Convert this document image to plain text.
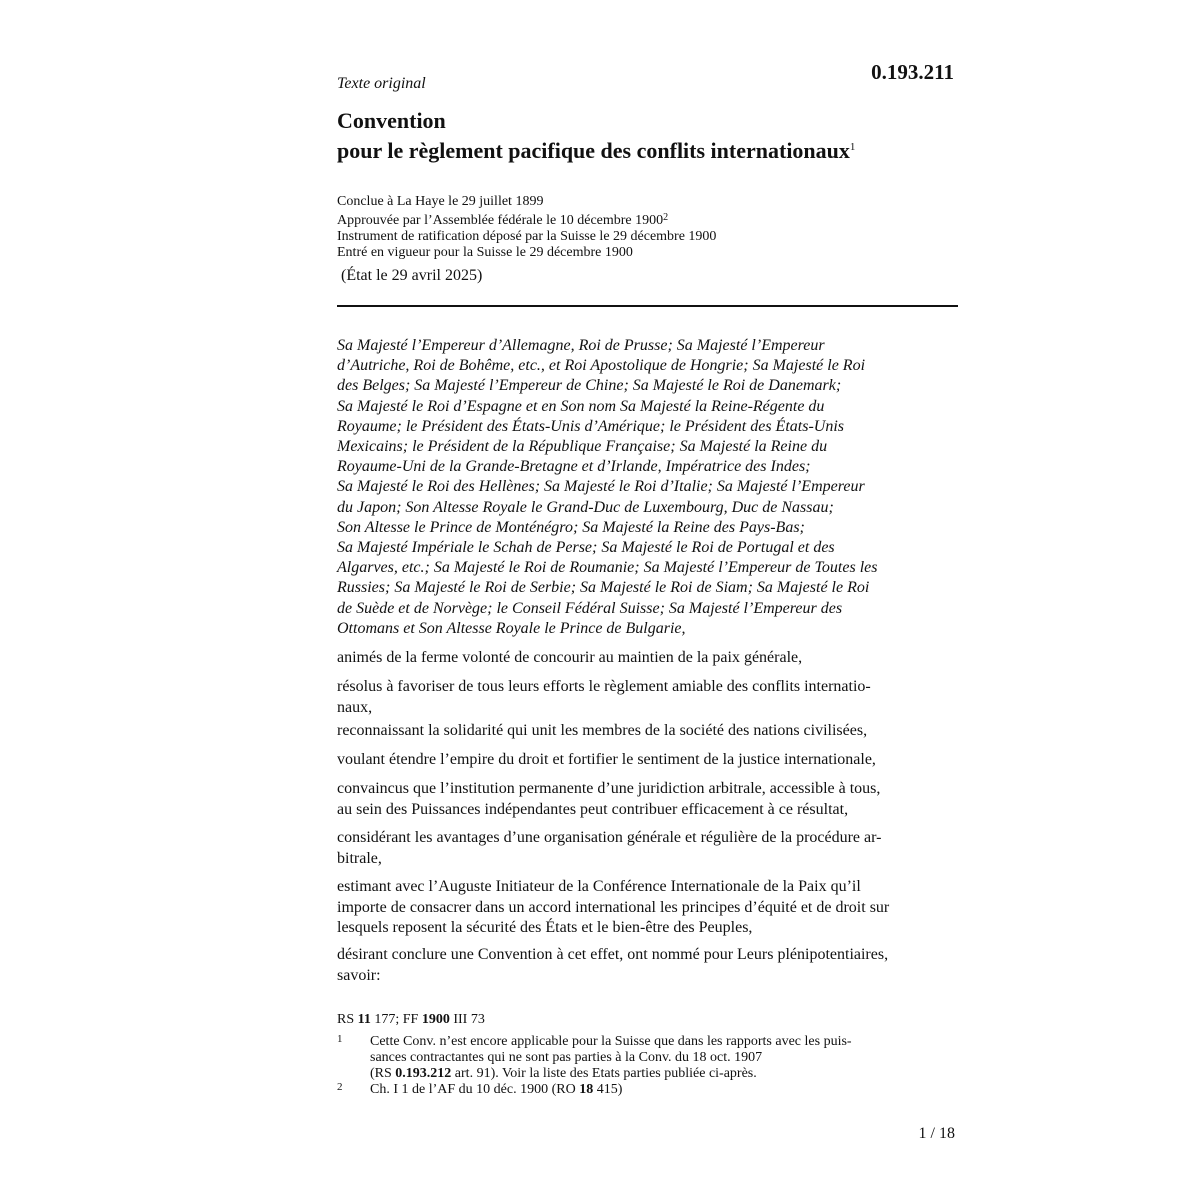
Texte original	0.193.211
Convention
pour le règlement pacifique des conflits internationaux$^1$
Conclue à La Haye le 29 juillet 1899
Approuvée par l’Assemblée fédérale le 10 décembre 1900$^2$
Instrument de ratification déposé par la Suisse le 29 décembre 1900
Entré en vigueur pour la Suisse le 29 décembre 1900
(État le 29 avril 2025)
Sa Majesté l’Empereur d’Allemagne, Roi de Prusse; Sa Majesté l’Empereur
d’Autriche, Roi de Bohême, etc., et Roi Apostolique de Hongrie; Sa Majesté le Roi
des Belges; Sa Majesté l’Empereur de Chine; Sa Majesté le Roi de Danemark;
Sa Majesté le Roi d’Espagne et en Son nom Sa Majesté la Reine-Régente du
Royaume; le Président des États-Unis d’Amérique; le Président des États-Unis
Mexicains; le Président de la République Française; Sa Majesté la Reine du
Royaume-Uni de la Grande-Bretagne et d’Irlande, Impératrice des Indes;
Sa Majesté le Roi des Hellènes; Sa Majesté le Roi d’Italie; Sa Majesté l’Empereur
du Japon; Son Altesse Royale le Grand-Duc de Luxembourg, Duc de Nassau;
Son Altesse le Prince de Monténégro; Sa Majesté la Reine des Pays-Bas;
Sa Majesté Impériale le Schah de Perse; Sa Majesté le Roi de Portugal et des
Algarves, etc.; Sa Majesté le Roi de Roumanie; Sa Majesté l’Empereur de Toutes les
Russies; Sa Majesté le Roi de Serbie; Sa Majesté le Roi de Siam; Sa Majesté le Roi
de Suède et de Norvège; le Conseil Fédéral Suisse; Sa Majesté l’Empereur des
Ottomans et Son Altesse Royale le Prince de Bulgarie,
animés de la ferme volonté de concourir au maintien de la paix générale,
résolus à favoriser de tous leurs efforts le règlement amiable des conflits internatio-
naux,
reconnaissant la solidarité qui unit les membres de la société des nations civilisées,
voulant étendre l’empire du droit et fortifier le sentiment de la justice internationale,
convaincus que l’institution permanente d’une juridiction arbitrale, accessible à tous,
au sein des Puissances indépendantes peut contribuer efficacement à ce résultat,
considérant les avantages d’une organisation générale et régulière de la procédure ar-
bitrale,
estimant avec l’Auguste Initiateur de la Conférence Internationale de la Paix qu’il
importe de consacrer dans un accord international les principes d’équité et de droit sur
lesquels reposent la sécurité des États et le bien-être des Peuples,
désirant conclure une Convention à cet effet, ont nommé pour Leurs plénipotentiaires,
savoir:
RS 11 177; FF 1900 III 73
1 Cette Conv. n’est encore applicable pour la Suisse que dans les rapports avec les puis-
sances contractantes qui ne sont pas parties à la Conv. du 18 oct. 1907
(RS 0.193.212 art. 91). Voir la liste des Etats parties publiée ci-après.
2 Ch. I 1 de l’AF du 10 déc. 1900 (RO 18 415)
1 / 18
